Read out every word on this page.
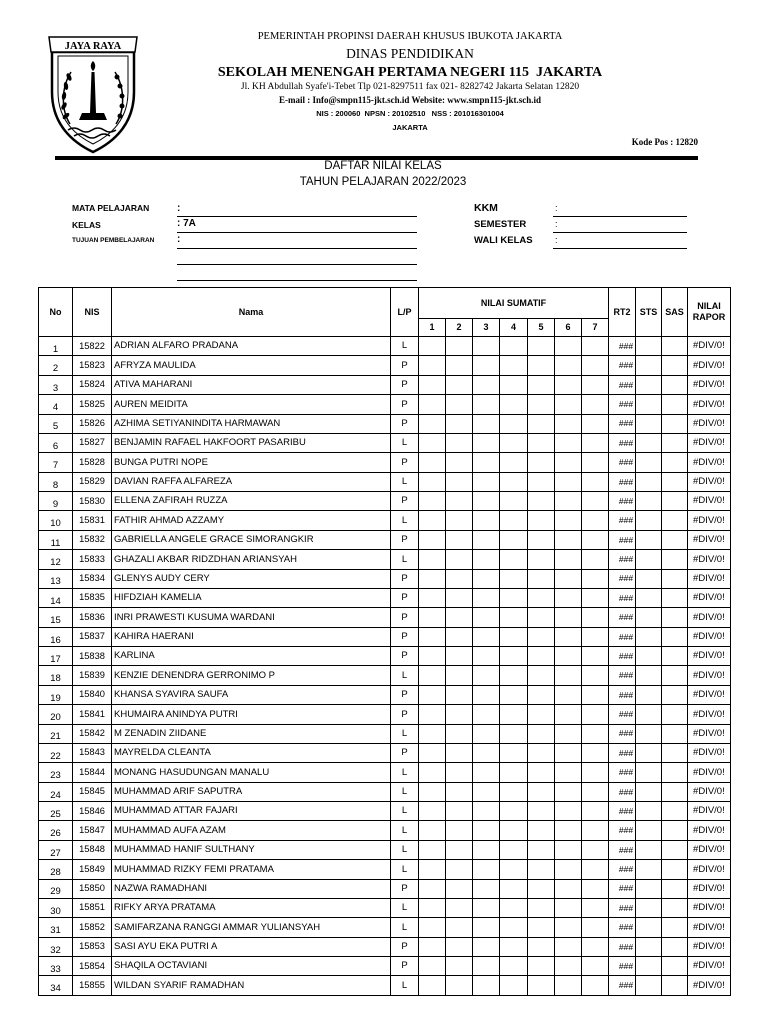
JAYA RAYA
PEMERINTAH PROPINSI DAERAH KHUSUS IBUKOTA JAKARTA
DINAS PENDIDIKAN
SEKOLAH MENENGAH PERTAMA NEGERI 115  JAKARTA
Jl. KH Abdullah Syafe'i-Tebet Tlp 021-8297511 fax 021- 8282742 Jakarta Selatan 12820
E-mail : Info@smpn115-jkt.sch.id Website: www.smpn115-jkt.sch.id
NIS : 200060  NPSN : 20102510   NSS : 201016301004
JAKARTA
Kode Pos : 12820
DAFTAR NILAI KELAS
TAHUN PELAJARAN 2022/2023
MATA PELAJARAN	:
KELAS	: 7A
TUJUAN PEMBELAJARAN :
KKM	:
SEMESTER	:
WALI KELAS :
No	NIS	Nama	L/P	NILAI SUMATIF							RT2	STS	SAS	NILAI RAPOR
				1	2	3	4	5	6	7				
1	15822	ADRIAN ALFARO PRADANA	L								###			#DIV/0!
2	15823	AFRYZA MAULIDA	P								###			#DIV/0!
3	15824	ATIVA MAHARANI	P								###			#DIV/0!
4	15825	AUREN MEIDITA	P								###			#DIV/0!
5	15826	AZHIMA SETIYANINDITA HARMAWAN	P								###			#DIV/0!
6	15827	BENJAMIN RAFAEL HAKFOORT PASARIBU	L								###			#DIV/0!
7	15828	BUNGA PUTRI NOPE	P								###			#DIV/0!
8	15829	DAVIAN RAFFA ALFAREZA	L								###			#DIV/0!
9	15830	ELLENA ZAFIRAH RUZZA	P								###			#DIV/0!
10	15831	FATHIR AHMAD AZZAMY	L								###			#DIV/0!
11	15832	GABRIELLA ANGELE GRACE SIMORANGKIR	P								###			#DIV/0!
12	15833	GHAZALI AKBAR RIDZDHAN ARIANSYAH	L								###			#DIV/0!
13	15834	GLENYS AUDY CERY	P								###			#DIV/0!
14	15835	HIFDZIAH KAMELIA	P								###			#DIV/0!
15	15836	INRI PRAWESTI KUSUMA WARDANI	P								###			#DIV/0!
16	15837	KAHIRA HAERANI	P								###			#DIV/0!
17	15838	KARLINA	P								###			#DIV/0!
18	15839	KENZIE DENENDRA GERRONIMO P	L								###			#DIV/0!
19	15840	KHANSA SYAVIRA SAUFA	P								###			#DIV/0!
20	15841	KHUMAIRA ANINDYA PUTRI	P								###			#DIV/0!
21	15842	M ZENADIN ZIIDANE	L								###			#DIV/0!
22	15843	MAYRELDA CLEANTA	P								###			#DIV/0!
23	15844	MONANG HASUDUNGAN MANALU	L								###			#DIV/0!
24	15845	MUHAMMAD ARIF SAPUTRA	L								###			#DIV/0!
25	15846	MUHAMMAD ATTAR FAJARI	L								###			#DIV/0!
26	15847	MUHAMMAD AUFA AZAM	L								###			#DIV/0!
27	15848	MUHAMMAD HANIF SULTHANY	L								###			#DIV/0!
28	15849	MUHAMMAD RIZKY FEMI PRATAMA	L								###			#DIV/0!
29	15850	NAZWA RAMADHANI	P								###			#DIV/0!
30	15851	RIFKY ARYA PRATAMA	L								###			#DIV/0!
31	15852	SAMIFARZANA RANGGI AMMAR YULIANSYAH	L								###			#DIV/0!
32	15853	SASI AYU EKA PUTRI A	P								###			#DIV/0!
33	15854	SHAQILA OCTAVIANI	P								###			#DIV/0!
34	15855	WILDAN SYARIF RAMADHAN	L								###			#DIV/0!
